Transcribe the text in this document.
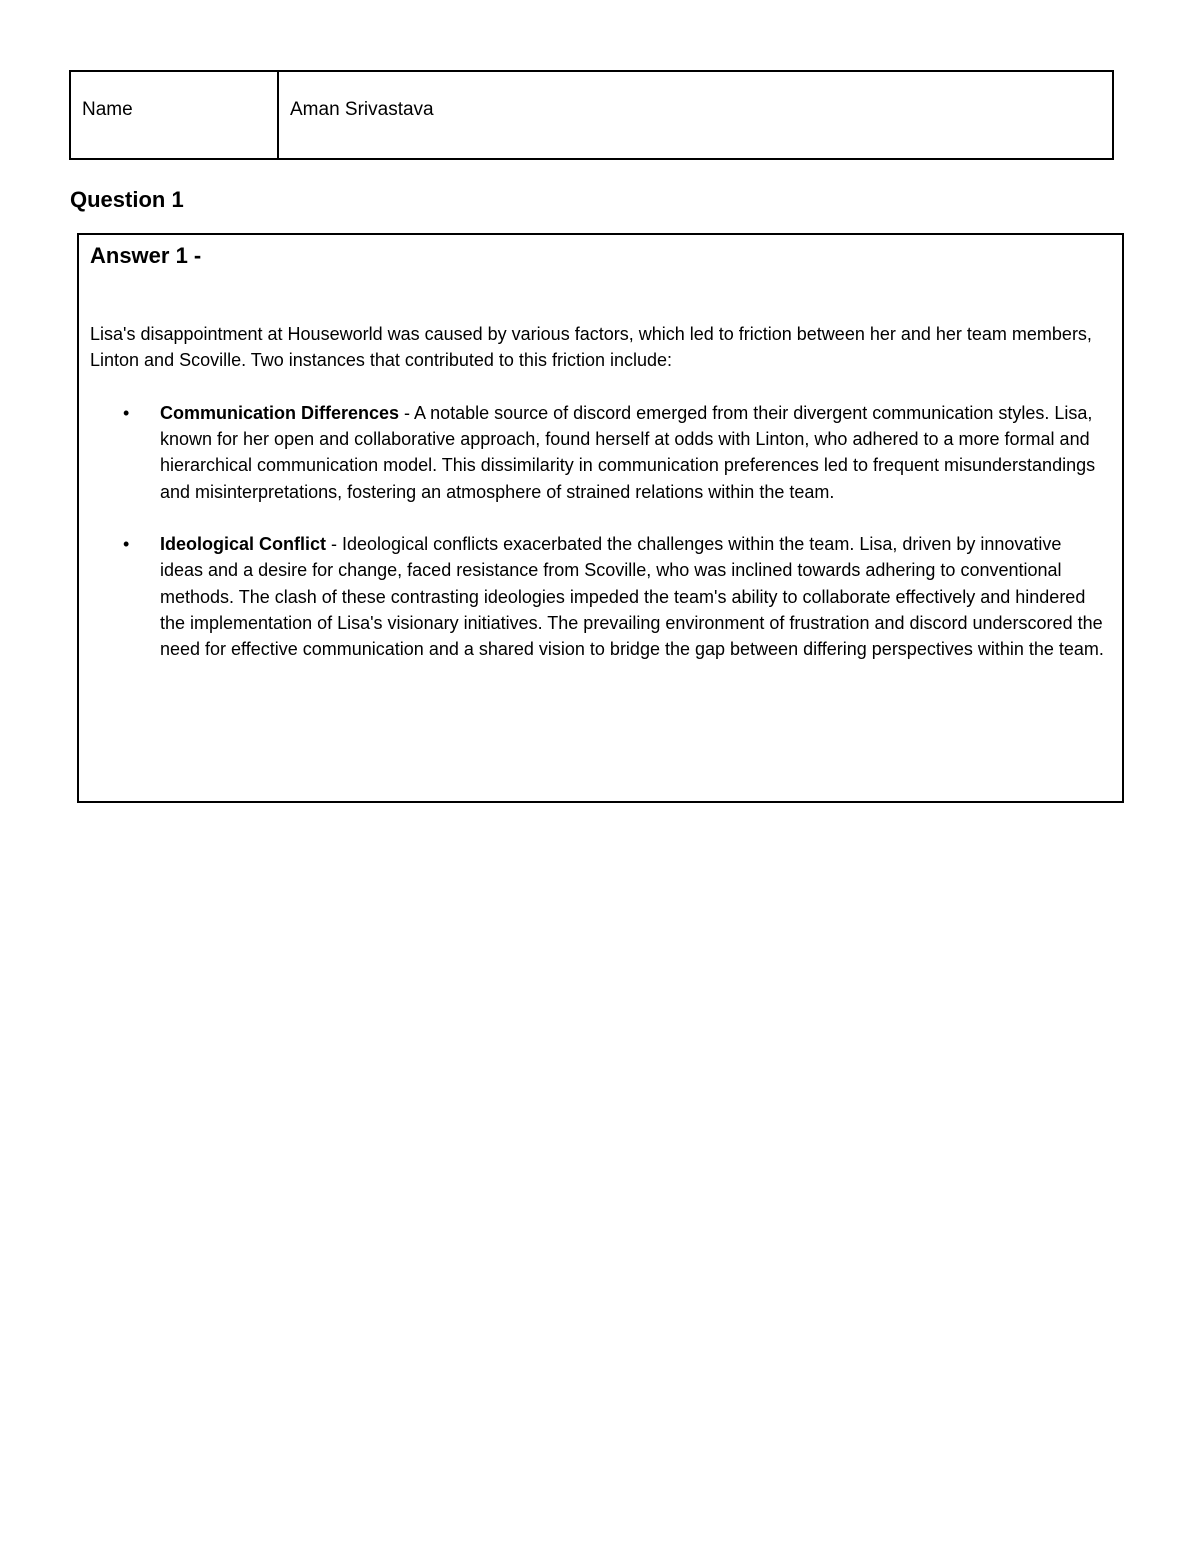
Name	Aman Srivastava
Question 1
Answer 1 -

Lisa's disappointment at Houseworld was caused by various factors, which led to friction between her and her team members, Linton and Scoville. Two instances that contributed to this friction include:

• Communication Differences - A notable source of discord emerged from their divergent communication styles. Lisa, known for her open and collaborative approach, found herself at odds with Linton, who adhered to a more formal and hierarchical communication model. This dissimilarity in communication preferences led to frequent misunderstandings and misinterpretations, fostering an atmosphere of strained relations within the team.
• Ideological Conflict - Ideological conflicts exacerbated the challenges within the team. Lisa, driven by innovative ideas and a desire for change, faced resistance from Scoville, who was inclined towards adhering to conventional methods. The clash of these contrasting ideologies impeded the team's ability to collaborate effectively and hindered the implementation of Lisa's visionary initiatives. The prevailing environment of frustration and discord underscored the need for effective communication and a shared vision to bridge the gap between differing perspectives within the team.
